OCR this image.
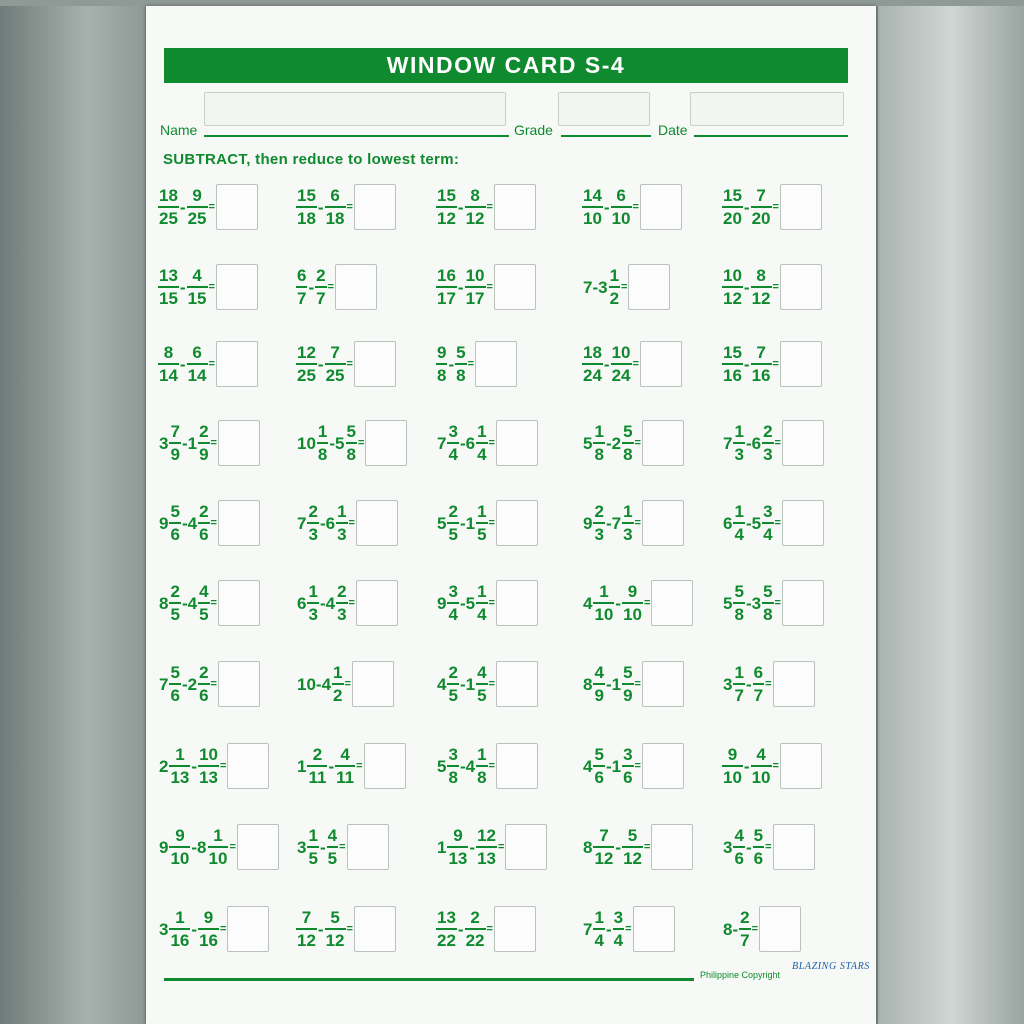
WINDOW CARD S-4
Name	Grade	Date
SUBTRACT, then reduce to lowest term:
$\frac{18}{25} - \frac{9}{25}$ =	$\frac{15}{18} - \frac{6}{18}$ =	$\frac{15}{12} - \frac{8}{12}$ =	$\frac{14}{10} - \frac{6}{10}$ =	$\frac{15}{20} - \frac{7}{20}$ =
$\frac{13}{15} - \frac{4}{15}$ =	$\frac{6}{7} - \frac{2}{7}$ =	$\frac{16}{17} - \frac{10}{17}$ =	$7-3 \frac{1}{2}$ =	$\frac{10}{12} - \frac{8}{12}$ =
$\frac{8}{14} - \frac{6}{14}$ =	$\frac{12}{25} - \frac{7}{25}$ =	$\frac{9}{8} - \frac{5}{8}$ =	$\frac{18}{24} - \frac{10}{24}$ =	$\frac{15}{16} - \frac{7}{16}$ =
$3 \frac{7}{9} -1 \frac{2}{9}$ =	$10 \frac{1}{8} -5 \frac{5}{8}$ =	$7 \frac{3}{4} -6 \frac{1}{4}$ =	$5 \frac{1}{8} -2 \frac{5}{8}$ =	$7 \frac{1}{3} -6 \frac{2}{3}$ =
$9 \frac{5}{6} -4 \frac{2}{6}$ =	$7 \frac{2}{3} -6 \frac{1}{3}$ =	$5 \frac{2}{5} -1 \frac{1}{5}$ =	$9 \frac{2}{3} -7 \frac{1}{3}$ =	$6 \frac{1}{4} -5 \frac{3}{4}$ =
$8 \frac{2}{5} -4 \frac{4}{5}$ =	$6 \frac{1}{3} -4 \frac{2}{3}$ =	$9 \frac{3}{4} -5 \frac{1}{4}$ =	$4 \frac{1}{10} - \frac{9}{10}$ =	$5 \frac{5}{8} -3 \frac{5}{8}$ =
$7 \frac{5}{6} -2 \frac{2}{6}$ =	$10-4 \frac{1}{2}$ =	$4 \frac{2}{5} -1 \frac{4}{5}$ =	$8 \frac{4}{9} -1 \frac{5}{9}$ =	$3 \frac{1}{7} - \frac{6}{7}$ =
$2 \frac{1}{13} - \frac{10}{13}$ =	$1 \frac{2}{11} - \frac{4}{11}$ =	$5 \frac{3}{8} -4 \frac{1}{8}$ =	$4 \frac{5}{6} -1 \frac{3}{6}$ =	$\frac{9}{10} - \frac{4}{10}$ =
$9 \frac{9}{10} -8 \frac{1}{10}$ =	$3 \frac{1}{5} - \frac{4}{5}$ =	$1 \frac{9}{13} - \frac{12}{13}$ =	$8 \frac{7}{12} - \frac{5}{12}$ =	$3 \frac{4}{6} - \frac{5}{6}$ =
$3 \frac{1}{16} - \frac{9}{16}$ =	$\frac{7}{12} - \frac{5}{12}$ =	$\frac{13}{22} - \frac{2}{22}$ =	$7 \frac{1}{4} - \frac{3}{4}$ =	$8- \frac{2}{7}$ =
Philippine Copyright
BLAZING STARS
